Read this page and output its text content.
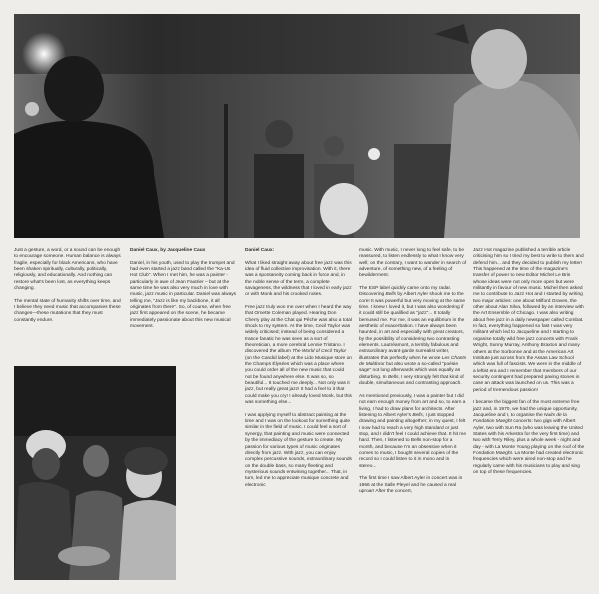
Just a gesture, a word, or a sound can be enough to encourage someone. Human balance is always fragile, especially for black Americans, who have been shaken spiritually, culturally, politically, religiously, and educationally. And nothing can restore what's been lost, as everything keeps changing.

The mental state of humanity shifts over time, and I believe they need music that accompanies these changes—these mutations that they must constantly endure.

Daniel Caux, by Jacqueline Caux

Daniel, in his youth, used to play the trumpet and had even started a jazz band called the "Ka-Us Hot Club". When I met him, he was a painter - particularly in awe of Jean Fautrier – but at the same time he was also very much in love with music, jazz music in particular. Daniel was always telling me, "Jazz is like my backbone, it all originates from there". So, of course, when free jazz first appeared on the scene, he became immediately passionate about this new musical movement.

Daniel Caux:

What I liked straight away about free jazz was this idea of fluid collective improvisation. With it, there was a spontaneity coming back in force and, in the noble sense of the term, a complete savageness, the wildness that I loved in early jazz or with Monk and his crooked notes.

Free jazz truly won me over when I heard the way that Ornette Coleman played. Hearing Don Cherry play at the Chat qui Pêche was also a total shock to my system. At the time, Cecil Taylor was widely criticised; instead of being considered a trance fanatic he was seen as a sort of theoretician, a more cerebral Lennie Tristano. I discovered the album The World of Cecil Taylor (on the Candid label) at the Lido Musique store on the Champs Élysées which was a place where you could order all of the new music that could not be found anywhere else. It was so, so beautiful... It touched me deeply... Not only was it jazz, but really great jazz! It had a feel to it that could make you cry! I already loved Monk, but this was something else...

I was applying myself to abstract painting at the time and I was on the lookout for something quite similar in the field of music. I could feel a sort of synergy, that painting and music were connected by the immediacy of the gesture to create. My passion for various types of music originates directly from jazz. With jazz, you can enjoy complex percussive sounds, extraordinary sounds on the double bass, so many fleeting and mysterious sounds entwining together... That, in turn, led me to appreciate musique concrete and electronic

music. With music, I never long to feel safe, to be reassured, to listen endlessly to what I know very well; on the contrary, I want to wander in search of adventure, of something new, of a feeling of bewilderment.

The ESP label quickly came onto my radar. Discovering Bells by Albert Ayler shook me to the core! It was powerful but very moving at the same time. I knew I loved it, but I was also wondering if it could still be qualified as "jazz"... It totally bemused me. For me, it was an equilibrium in the aesthetic of exacerbation. I have always been haunted, in art and especially with great creators, by the possibility of considering two contrasting elements. Lautréamont, a terribly fabulous and extraordinary avant-garde surrealist writer, illustrates this perfectly when he wrote Les Chants de Maldoror but also wrote a so-called "poésie sage" not long afterwards which was equally as disturbing. In Bells, I very strongly felt that kind of double, simultaneous and contrasting approach.

As mentioned previously, I was a painter but I did not earn enough money from art and so, to earn a living, I had to draw plans for architects. After listening to Albert Ayler's Bells, I just stopped drawing and painting altogether; in my quest, I felt I now had to reach a very high standard or just stop, and I didn't feel I could achieve that. It hit me hard. Then, I listened to Bells non-stop for a month, and because I'm an obsessive when it comes to music, I bought several copies of the record so I could listen to it in mono and in stereo...

The first time I saw Albert Ayler in concert was in 1966 at the Salle Pleyel and he caused a real uproar! After the concert,

Jazz Hot magazine published a terrible article criticising him so I tried my best to write to them and defend him... and they decided to publish my letter! This happened at the time of the magazine's transfer of power to new Editor Michel Le Bris whose ideas were not only more open but were militantly in favour of new music. Michel then asked me to contribute to Jazz Hot and I started by writing two major articles: one about Milford Graves, the other about Alan Silva, followed by an interview with the Art Ensemble of Chicago. I was also writing about free jazz in a daily newspaper called Combat. In fact, everything happened so fast I was very militant which led to Jacqueline and I starting to organise totally wild free jazz concerts with Frank Wright, Sunny Murray, Anthony Braxton and many others at the Sorbonne and at the American Art Institute just across from the Assas Law School which was full of fascists. We were in the middle of a leftist era and I remember that members of our security contingent had prepared paving stones in case an attack was launched on us. This was a period of tremendous passion!

I became the biggest fan of the most extreme free jazz and, in 1970, we had the unique opportunity, Jacqueline and I, to organise the Nuits de la Fondation Maeght concerts: two gigs with Albert Ayler, two with Sun Ra (who was leaving the United States with his Arkestra for the very first time) and two with Terry Riley, plus a whole week - night and day - with La Monte Young playing on the roof of the Fondation Maeght. La Monte had created electronic frequencies which were aired non-stop and he regularly came with his musicians to play and sing on top of these frequencies.
